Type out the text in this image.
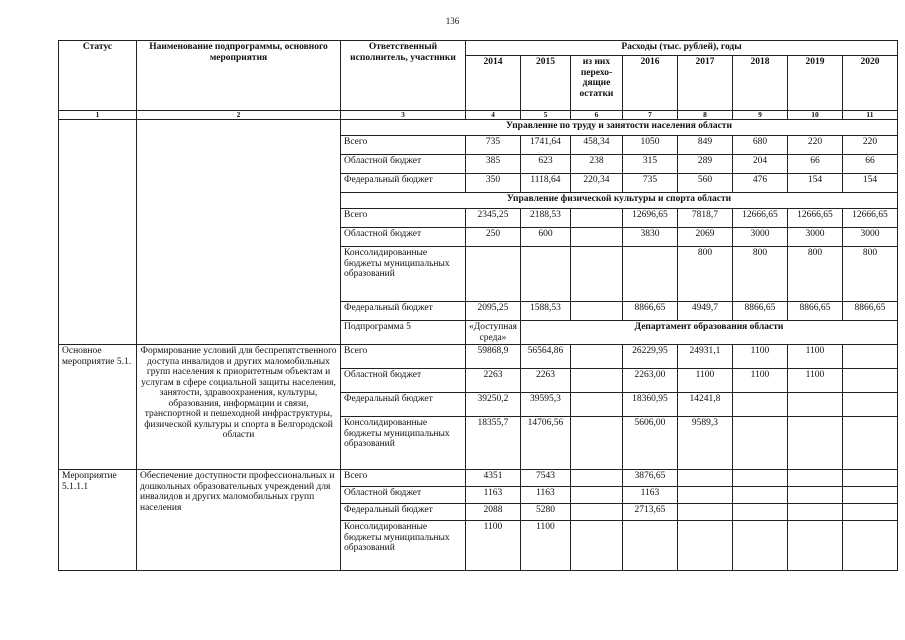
136
Статус	Наименование подпрограммы, основного мероприятия	Ответственный исполнитель, участники	Расходы (тыс. рублей), годы							
			2014	2015	из них перехо-дящие остатки	2016	2017	2018	2019	2020
1	2	3	4	5	6	7	8	9	10	11
		Управление по труду и занятости населения области								
		Всего	735	1741,64	458,34	1050	849	680	220	220
		Областной бюджет	385	623	238	315	289	204	66	66
		Федеральный бюджет	350	1118,64	220,34	735	560	476	154	154
		Управление физической культуры и спорта области								
		Всего	2345,25	2188,53		12696,65	7818,7	12666,65	12666,65	12666,65
		Областной бюджет	250	600		3830	2069	3000	3000	3000
		Консолидированные бюджеты муниципальных образований					800	800	800	800
		Федеральный бюджет	2095,25	1588,53		8866,65	4949,7	8866,65	8866,65	8866,65
		Подпрограмма 5	«Доступная среда»	Департамент образования области						
Основное мероприятие 5.1.	Формирование условий для беспрепятственного доступа инвалидов и других маломобильных групп населения к приоритетным объектам и услугам в сфере социальной защиты населения, занятости, здравоохранения, культуры, образования, информации и связи, транспортной и пешеходной инфраструктуры, физической культуры и спорта в Белгородской области	Всего	59868,9	56564,86		26229,95	24931,1	1100	1100	
		Областной бюджет	2263	2263		2263,00	1100	1100	1100	
		Федеральный бюджет	39250,2	39595,3		18360,95	14241,8			
		Консолидированные бюджеты муниципальных образований	18355,7	14706,56		5606,00	9589,3			
Мероприятие 5.1.1.1	Обеспечение доступности профессиональных и дошкольных образовательных учреждений для инвалидов и других маломобильных групп населения	Всего	4351	7543		3876,65				
		Областной бюджет	1163	1163		1163				
		Федеральный бюджет	2088	5280		2713,65				
		Консолидированные бюджеты муниципальных образований	1100	1100						
